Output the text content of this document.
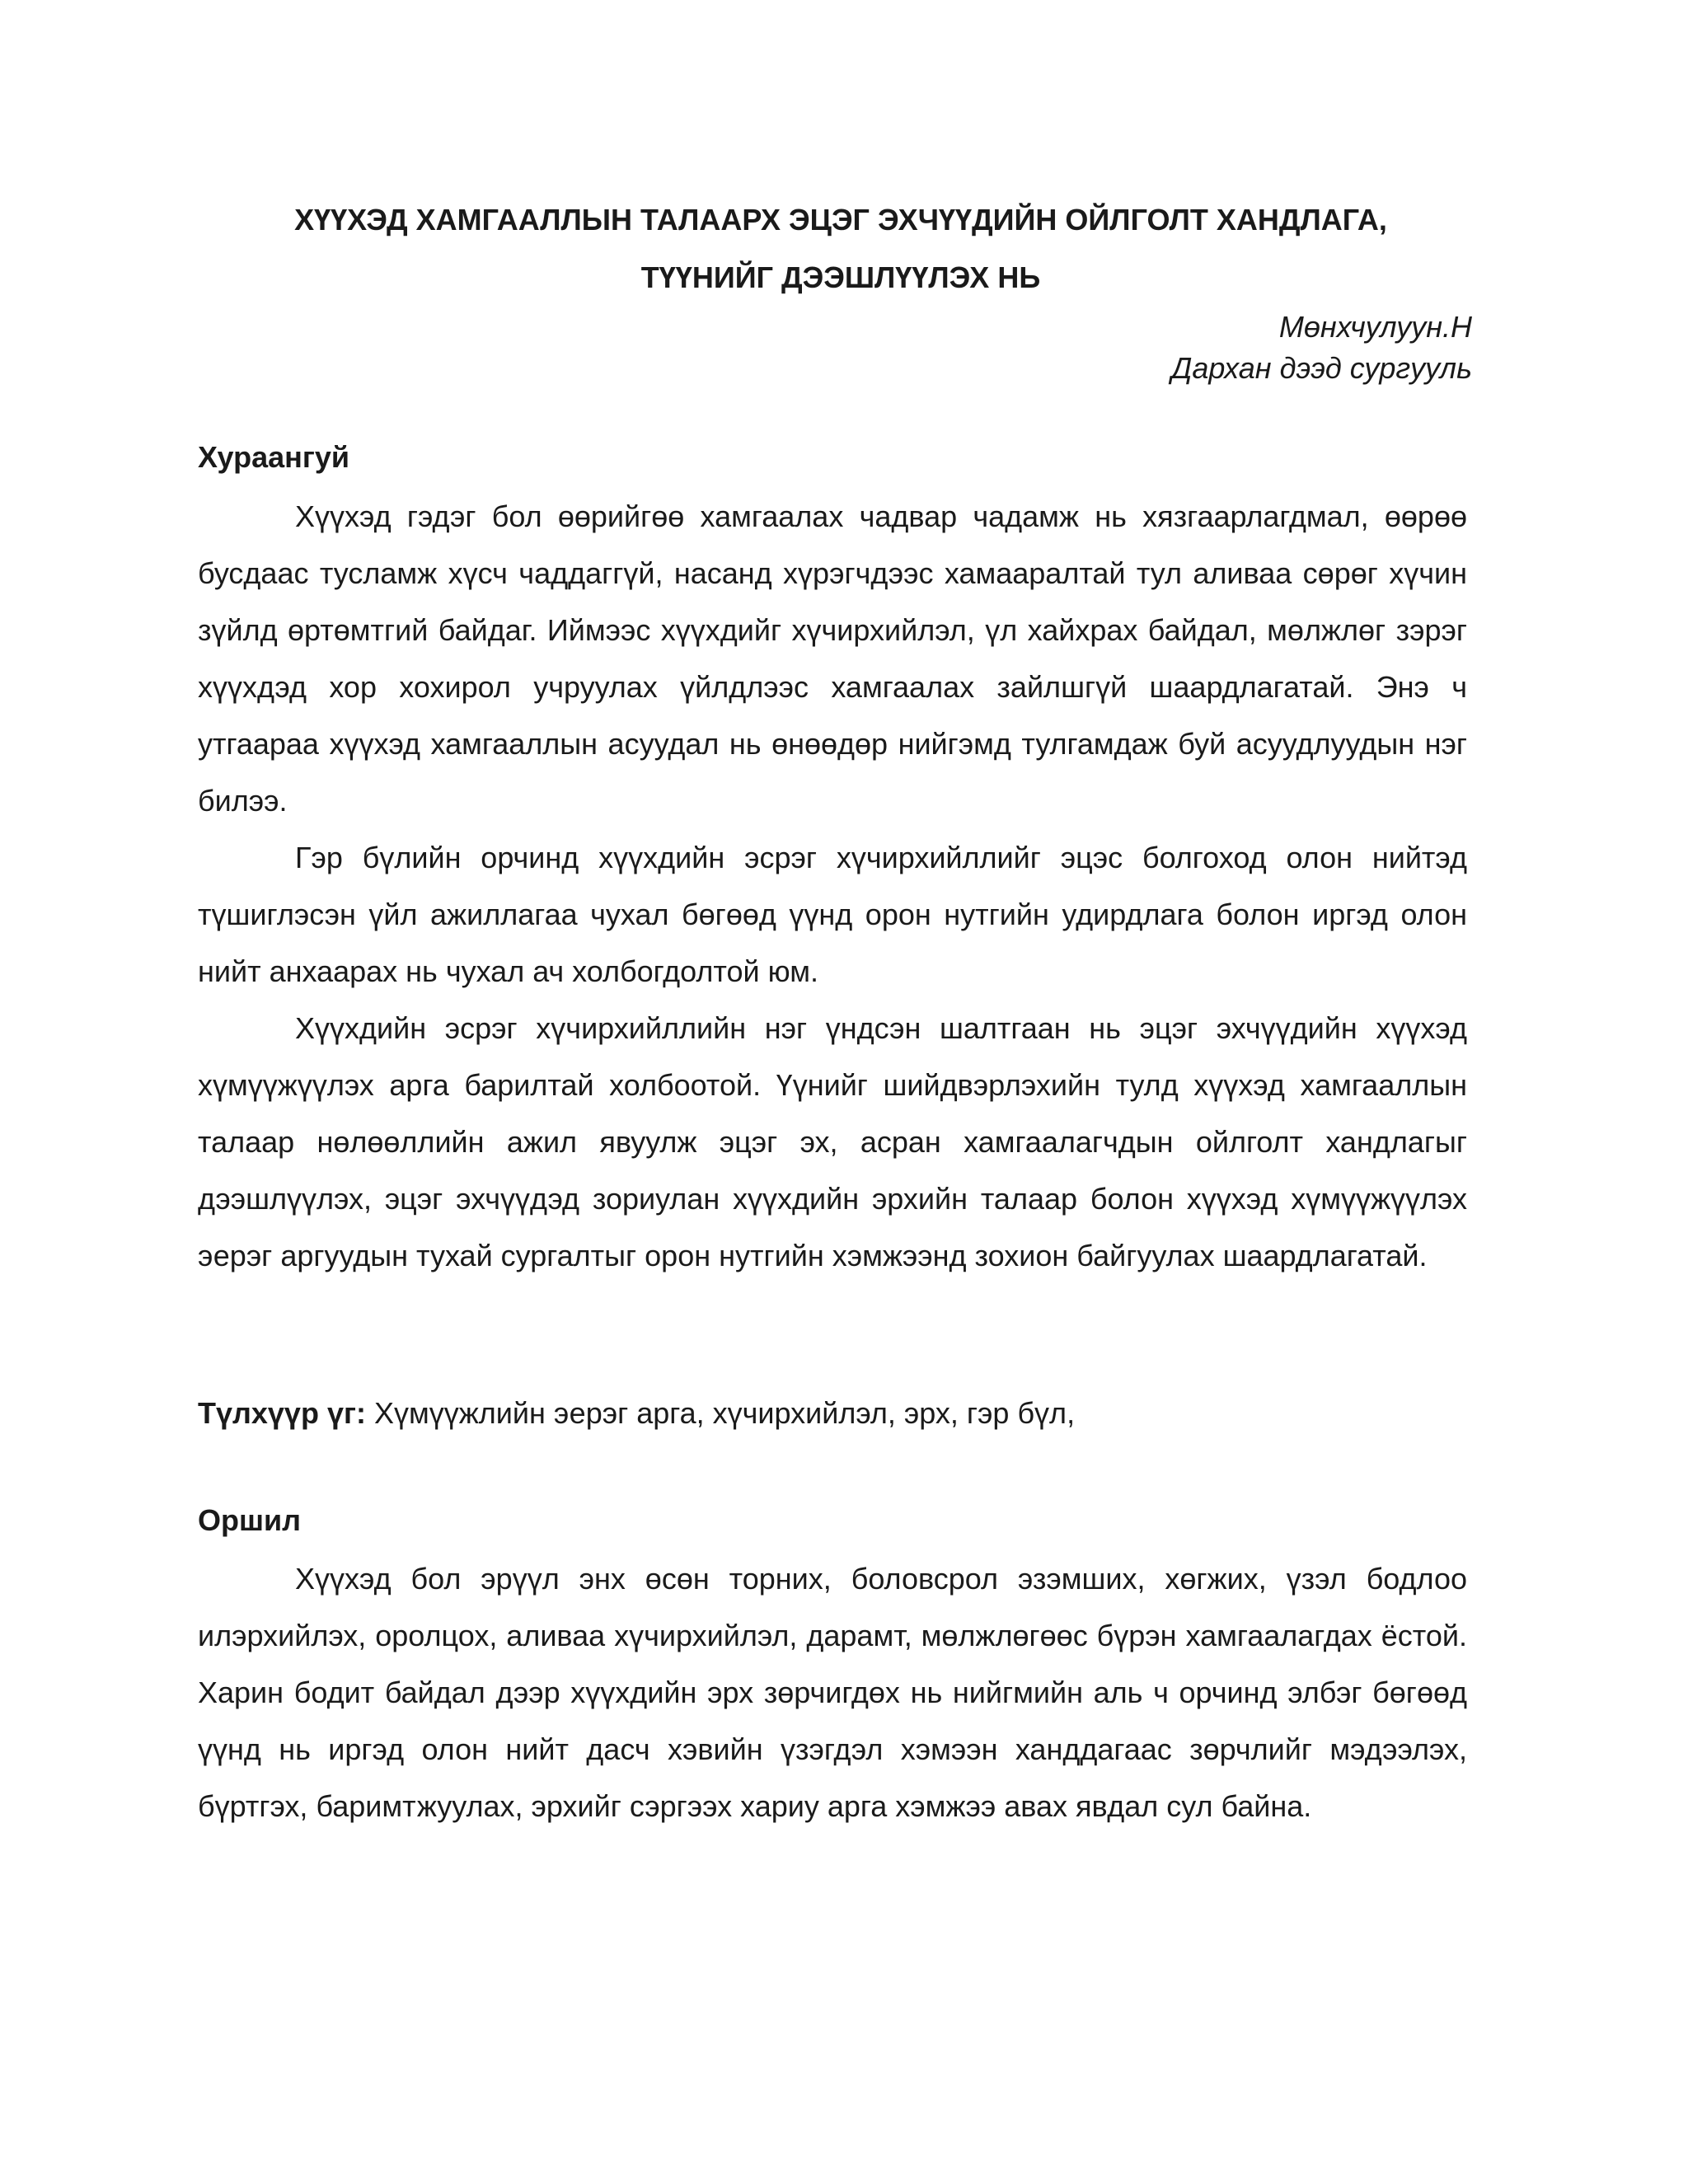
ХҮҮХЭД ХАМГААЛЛЫН ТАЛААРХ ЭЦЭГ ЭХЧҮҮДИЙН ОЙЛГОЛТ ХАНДЛАГА,
ТҮҮНИЙГ ДЭЭШЛҮҮЛЭХ НЬ
Мөнхчулуун.Н
Дархан дээд сургууль
Хураангуй

Хүүхэд гэдэг бол өөрийгөө хамгаалах чадвар чадамж нь хязгаарлагдмал, өөрөө бусдаас тусламж хүсч чаддаггүй, насанд хүрэгчдээс хамааралтай тул аливаа сөрөг хүчин зүйлд өртөмтгий байдаг. Иймээс хүүхдийг хүчирхийлэл, үл хайхрах байдал, мөлжлөг зэрэг хүүхдэд хор хохирол учруулах үйлдлээс хамгаалах зайлшгүй шаардлагатай. Энэ ч утгаараа хүүхэд хамгааллын асуудал нь өнөөдөр нийгэмд тулгамдаж буй асуудлуудын нэг билээ.

Гэр бүлийн орчинд хүүхдийн эсрэг хүчирхийллийг эцэс болгоход олон нийтэд түшиглэсэн үйл ажиллагаа чухал бөгөөд үүнд орон нутгийн удирдлага болон иргэд олон нийт анхаарах нь чухал ач холбогдолтой юм.

Хүүхдийн эсрэг хүчирхийллийн нэг үндсэн шалтгаан нь эцэг эхчүүдийн хүүхэд хүмүүжүүлэх арга барилтай холбоотой. Үүнийг шийдвэрлэхийн тулд хүүхэд хамгааллын талаар нөлөөллийн ажил явуулж эцэг эх, асран хамгаалагчдын ойлголт хандлагыг дээшлүүлэх, эцэг эхчүүдэд зориулан хүүхдийн эрхийн талаар болон хүүхэд хүмүүжүүлэх эерэг аргуудын тухай сургалтыг орон нутгийн хэмжээнд зохион байгуулах шаардлагатай.

Түлхүүр үг: Хүмүүжлийн эерэг арга, хүчирхийлэл, эрх, гэр бүл,

Оршил

Хүүхэд бол эрүүл энх өсөн торних, боловсрол эзэмших, хөгжих, үзэл бодлоо илэрхийлэх, оролцох, аливаа хүчирхийлэл, дарамт, мөлжлөгөөс бүрэн хамгаалагдах ёстой. Харин бодит байдал дээр хүүхдийн эрх зөрчигдөх нь нийгмийн аль ч орчинд элбэг бөгөөд үүнд нь иргэд олон нийт дасч хэвийн үзэгдэл хэмээн ханддагаас зөрчлийг мэдээлэх, бүртгэх, баримтжуулах, эрхийг сэргээх хариу арга хэмжээ авах явдал сул байна.
